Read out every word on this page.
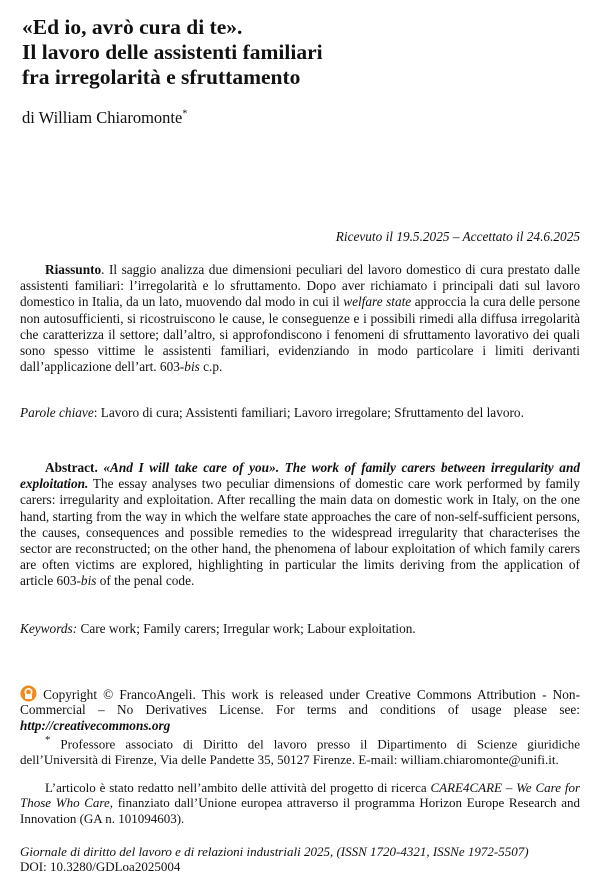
«Ed io, avrò cura di te».
Il lavoro delle assistenti familiari
fra irregolarità e sfruttamento
di William Chiaromonte*
Ricevuto il 19.5.2025 – Accettato il 24.6.2025

Riassunto. Il saggio analizza due dimensioni peculiari del lavoro domestico di cura prestato dalle assistenti familiari: l’irregolarità e lo sfruttamento. Dopo aver richiamato i principali dati sul lavoro domestico in Italia, da un lato, muovendo dal modo in cui il welfare state approccia la cura delle persone non autosufficienti, si ricostruiscono le cause, le conseguenze e i possibili rimedi alla diffusa irregolarità che caratterizza il settore; dall’altro, si approfondiscono i fenomeni di sfruttamento lavorativo dei quali sono spesso vittime le assistenti familiari, evidenziando in modo particolare i limiti derivanti dall’applicazione dell’art. 603-bis c.p.

Parole chiave: Lavoro di cura; Assistenti familiari; Lavoro irregolare; Sfruttamento del lavoro.

Abstract. «And I will take care of you». The work of family carers between irregularity and exploitation. The essay analyses two peculiar dimensions of domestic care work performed by family carers: irregularity and exploitation. After recalling the main data on domestic work in Italy, on the one hand, starting from the way in which the welfare state approaches the care of non-self-sufficient persons, the causes, consequences and possible remedies to the widespread irregularity that characterises the sector are reconstructed; on the other hand, the phenomena of labour exploitation of which family carers are often victims are explored, highlighting in particular the limits deriving from the application of article 603-bis of the penal code.

Keywords: Care work; Family carers; Irregular work; Labour exploitation.

Copyright © FrancoAngeli. This work is released under Creative Commons Attribution - Non-Commercial – No Derivatives License. For terms and conditions of usage please see: http://creativecommons.org

* Professore associato di Diritto del lavoro presso il Dipartimento di Scienze giuridiche dell’Università di Firenze, Via delle Pandette 35, 50127 Firenze. E-mail: william.chiaromonte@unifi.it.

L’articolo è stato redatto nell’ambito delle attività del progetto di ricerca CARE4CARE – We Care for Those Who Care, finanziato dall’Unione europea attraverso il programma Horizon Europe Research and Innovation (GA n. 101094603).

Giornale di diritto del lavoro e di relazioni industriali 2025, (ISSN 1720-4321, ISSNe 1972-5507)
DOI: 10.3280/GDLoa2025004
